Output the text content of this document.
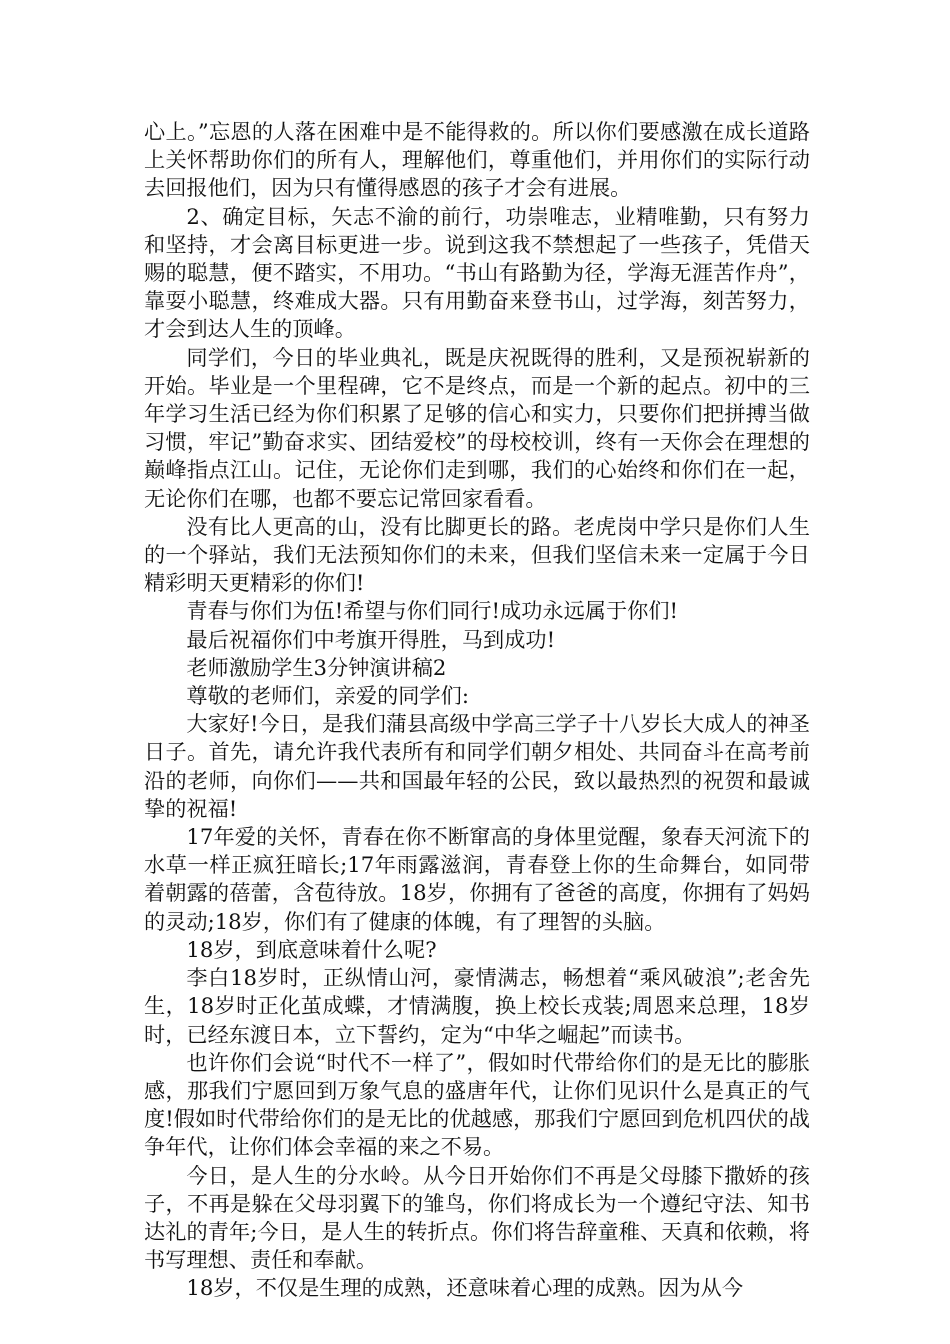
心上。”忘恩的人落在困难中是不能得救的。所以你们要感激在成长道路上关怀帮助你们的所有人，理解他们，尊重他们，并用你们的实际行动去回报他们，因为只有懂得感恩的孩子才会有进展。

2、确定目标，矢志不渝的前行，功崇唯志，业精唯勤，只有努力和坚持，才会离目标更进一步。说到这我不禁想起了一些孩子，凭借天赐的聪慧，便不踏实，不用功。“书山有路勤为径，学海无涯苦作舟”，靠耍小聪慧，终难成大器。只有用勤奋来登书山，过学海，刻苦努力，才会到达人生的顶峰。

同学们，今日的毕业典礼，既是庆祝既得的胜利，又是预祝崭新的开始。毕业是一个里程碑，它不是终点，而是一个新的起点。初中的三年学习生活已经为你们积累了足够的信心和实力，只要你们把拼搏当做习惯，牢记”勤奋求实、团结爱校”的母校校训，终有一天你会在理想的巅峰指点江山。记住，无论你们走到哪，我们的心始终和你们在一起，无论你们在哪，也都不要忘记常回家看看。

没有比人更高的山，没有比脚更长的路。老虎岗中学只是你们人生的一个驿站，我们无法预知你们的未来，但我们坚信未来一定属于今日精彩明天更精彩的你们!

青春与你们为伍!希望与你们同行!成功永远属于你们!

最后祝福你们中考旗开得胜，马到成功!

老师激励学生3分钟演讲稿2

尊敬的老师们，亲爱的同学们:

大家好!今日，是我们蒲县高级中学高三学子十八岁长大成人的神圣日子。首先，请允许我代表所有和同学们朝夕相处、共同奋斗在高考前沿的老师，向你们——共和国最年轻的公民，致以最热烈的祝贺和最诚挚的祝福!

17年爱的关怀，青春在你不断窜高的身体里觉醒，象春天河流下的水草一样正疯狂暗长;17年雨露滋润，青春登上你的生命舞台，如同带着朝露的蓓蕾，含苞待放。18岁，你拥有了爸爸的高度，你拥有了妈妈的灵动;18岁，你们有了健康的体魄，有了理智的头脑。

18岁，到底意味着什么呢?

李白18岁时，正纵情山河，豪情满志，畅想着“乘风破浪”;老舍先生，18岁时正化茧成蝶，才情满腹，换上校长戎装;周恩来总理，18岁时，已经东渡日本，立下誓约，定为“中华之崛起”而读书。

也许你们会说“时代不一样了”，假如时代带给你们的是无比的膨胀感，那我们宁愿回到万象气息的盛唐年代，让你们见识什么是真正的气度!假如时代带给你们的是无比的优越感，那我们宁愿回到危机四伏的战争年代，让你们体会幸福的来之不易。

今日，是人生的分水岭。从今日开始你们不再是父母膝下撒娇的孩子，不再是躲在父母羽翼下的雏鸟，你们将成长为一个遵纪守法、知书达礼的青年;今日，是人生的转折点。你们将告辞童稚、天真和依赖，将书写理想、责任和奉献。

18岁，不仅是生理的成熟，还意味着心理的成熟。因为从今
